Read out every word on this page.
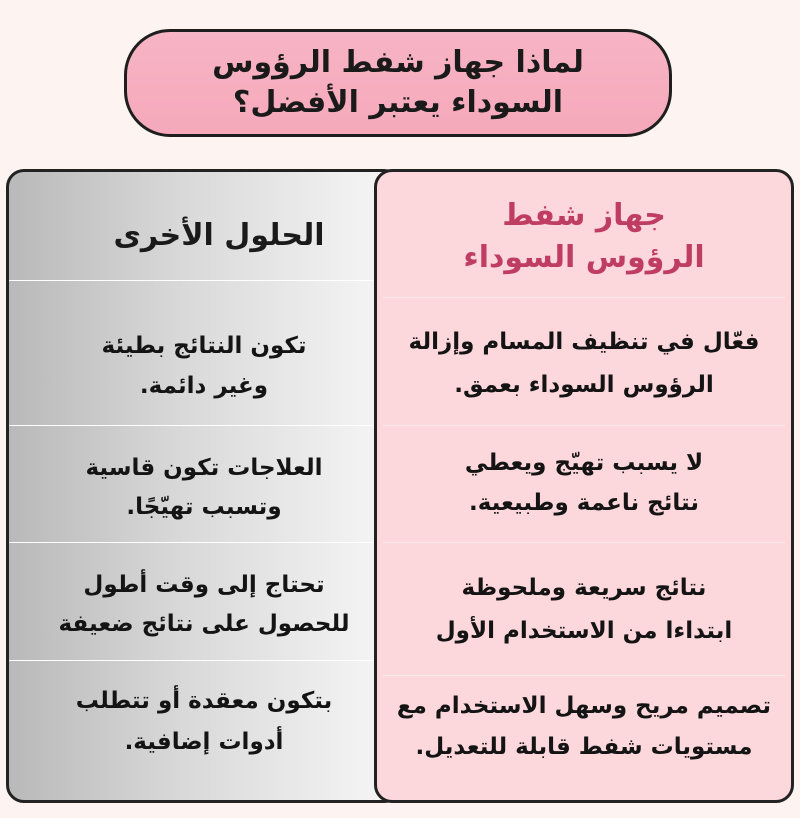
لماذا جهاز شفط الرؤوس
السوداء يعتبر الأفضل؟
الحلول الأخرى
تكون النتائج بطيئة
وغير دائمة.
العلاجات تكون قاسية
وتسبب تهيّجًا.
تحتاج إلى وقت أطول
للحصول على نتائج ضعيفة
بتكون معقدة أو تتطلب
أدوات إضافية.
جهاز شفط
الرؤوس السوداء
فعّال في تنظيف المسام وإزالة
الرؤوس السوداء بعمق.
لا يسبب تهيّج ويعطي
نتائج ناعمة وطبيعية.
نتائج سريعة وملحوظة
ابتداءا من الاستخدام الأول
تصميم مريح وسهل الاستخدام مع
مستويات شفط قابلة للتعديل.
